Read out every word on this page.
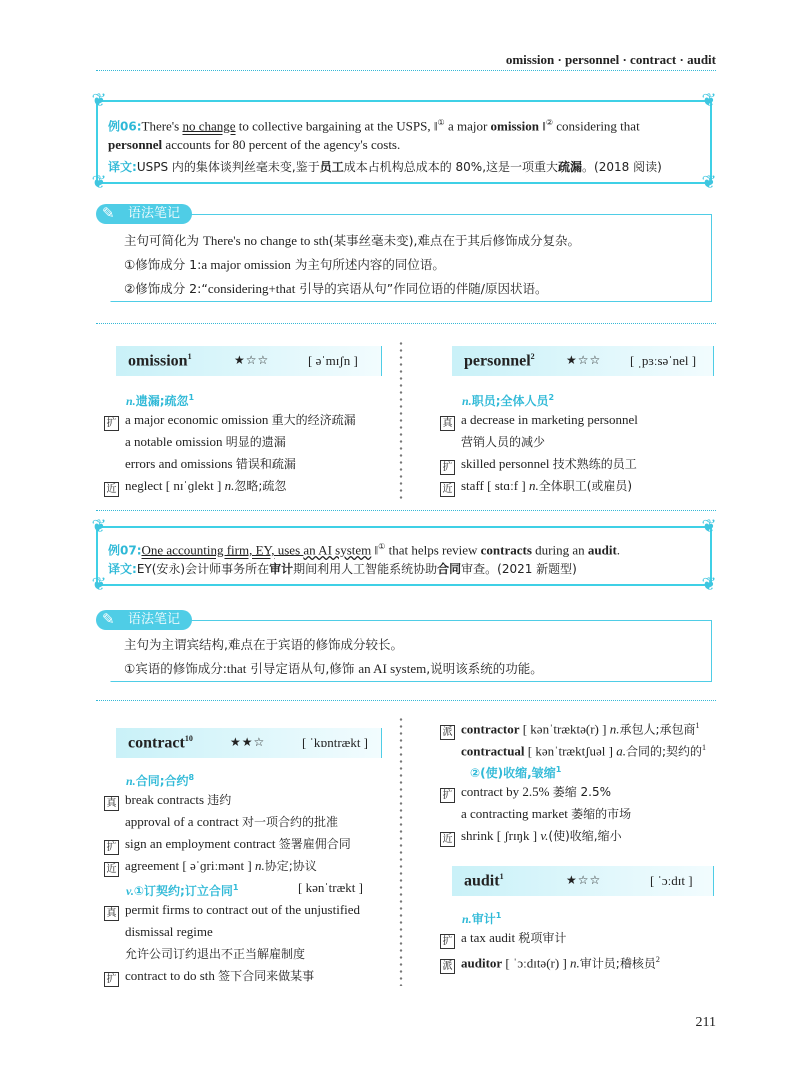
omission · personnel · contract · audit
❦	❦
❦	❦
例06:There's no change to collective bargaining at the USPS, ‖① a major omission ‖② considering that
personnel accounts for 80 percent of the agency's costs.
译文:USPS 内的集体谈判丝毫未变,鉴于员工成本占机构总成本的 80%,这是一项重大疏漏。(2018 阅读)
✎ 语法笔记
主句可简化为 There's no change to sth(某事丝毫未变),难点在于其后修饰成分复杂。
①修饰成分 1:a major omission 为主句所述内容的同位语。
②修饰成分 2:“considering+that 引导的宾语从句”作同位语的伴随/原因状语。
omission$^1$	★☆☆	[ əˈmɪʃn ]
n.遗漏;疏忽$^1$
扩 a major economic omission 重大的经济疏漏
a notable omission 明显的遗漏
errors and omissions 错误和疏漏
近 neglect [ nɪˈɡlekt ] n.忽略;疏忽
personnel$^2$	★☆☆ [ ˌpɜːsəˈnel ]
n.职员;全体人员$^2$
真 a decrease in marketing personnel
营销人员的减少
扩 skilled personnel 技术熟练的员工
近 staff [ stɑːf ] n.全体职工(或雇员)
❦	❦
❦	❦
例07:One accounting firm, EY, uses an AI system ‖① that helps review contracts during an audit.
译文:EY(安永)会计师事务所在审计期间利用人工智能系统协助合同审查。(2021 新题型)
✎ 语法笔记
主句为主谓宾结构,难点在于宾语的修饰成分较长。
①宾语的修饰成分:that 引导定语从句,修饰 an AI system,说明该系统的功能。
contract$^{10}$	★★☆	[ ˈkɒntrækt ]
n.合同;合约$^8$
真 break contracts 违约
approval of a contract 对一项合约的批准
扩 sign an employment contract 签署雇佣合同
近 agreement [ əˈɡriːmənt ] n.协定;协议
v.①订契约;订立合同$^1$	[ kənˈtrækt ]
真 permit firms to contract out of the unjustified
dismissal regime
允许公司订约退出不正当解雇制度
扩 contract to do sth 签下合同来做某事
派 contractor [ kənˈtræktə(r) ] n.承包人;承包商$^1$
contractual [ kənˈtræktʃuəl ] a.合同的;契约的$^1$
②(使)收缩,皱缩$^1$
扩 contract by 2.5% 萎缩 2.5%
a contracting market 萎缩的市场
近 shrink [ ʃrɪŋk ] v.(使)收缩,缩小
audit$^1$	★☆☆	[ ˈɔːdɪt ]
n.审计$^1$
扩 a tax audit 税项审计
派 auditor [ ˈɔːdɪtə(r) ] n.审计员;稽核员$^2$
211
